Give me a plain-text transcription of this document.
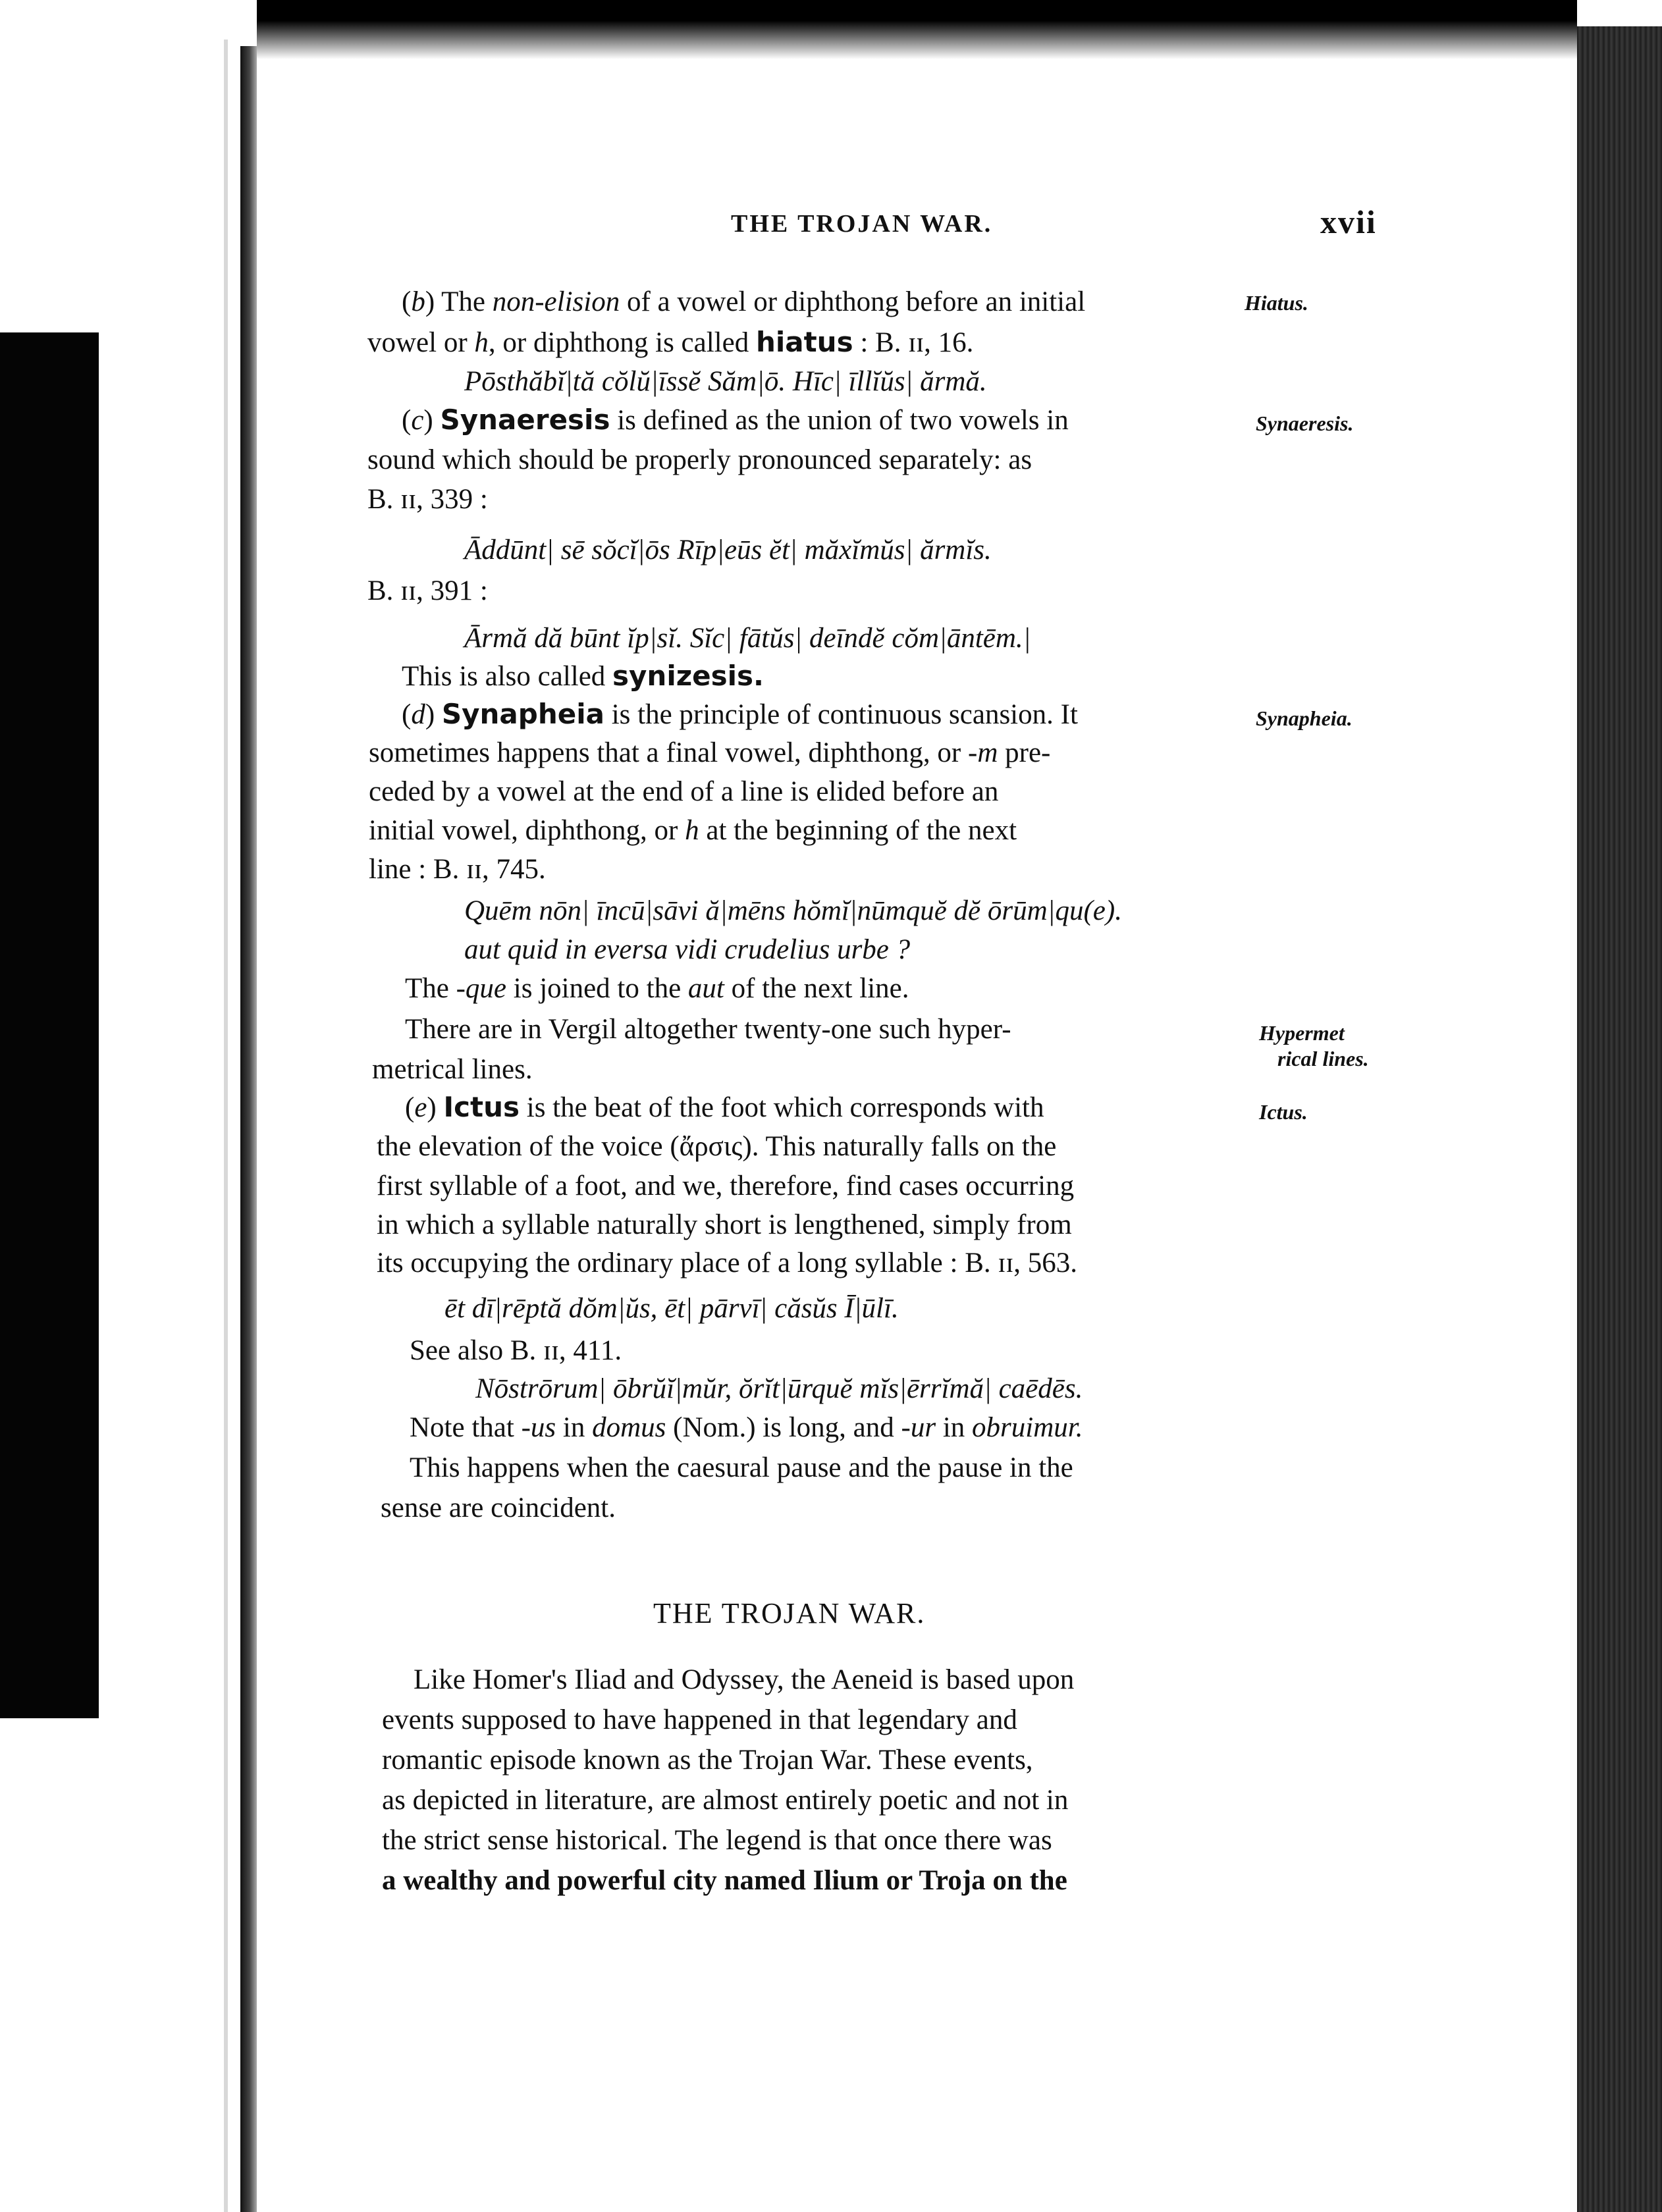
THE TROJAN WAR.	xvii
(b) The non-elision of a vowel or diphthong before an initial
vowel or h, or diphthong is called hiatus : B. ɪɪ, 16.
Pōsthăbĭ|tă cŏlŭ|īssĕ Săm|ō. Hīc| īllĭŭs| ărmă.
(c) Synaeresis is defined as the union of two vowels in
sound which should be properly pronounced separately: as
B. ɪɪ, 339 :
Āddūnt| sē sŏcĭ|ōs Rīp|eūs ĕt| măxĭmŭs| ărmĭs.
B. ɪɪ, 391 :
Ārmă dă būnt ĭp|sĭ. Sĭc| fātŭs| deīndĕ cŏm|āntēm.|
This is also called synizesis.
(d) Synapheia is the principle of continuous scansion. It
sometimes happens that a final vowel, diphthong, or -m pre-
ceded by a vowel at the end of a line is elided before an
initial vowel, diphthong, or h at the beginning of the next
line : B. ɪɪ, 745.
Quēm nōn| īncū|sāvi ă|mēns hŏmĭ|nūmquĕ dĕ ōrūm|qu(e).
aut quid in eversa vidi crudelius urbe ?
The -que is joined to the aut of the next line.
There are in Vergil altogether twenty-one such hyper-
metrical lines.
(e) Ictus is the beat of the foot which corresponds with
the elevation of the voice (ἄρσις). This naturally falls on the
first syllable of a foot, and we, therefore, find cases occurring
in which a syllable naturally short is lengthened, simply from
its occupying the ordinary place of a long syllable : B. ɪɪ, 563.
ēt dī|rēptă dŏm|ŭs, ēt| pārvī| căsŭs Ī|ūlī.
See also B. ɪɪ, 411.
Nōstrōrum| ōbrŭĭ|mŭr, ŏrĭt|ūrquĕ mĭs|ērrĭmă| caēdēs.
Note that -us in domus (Nom.) is long, and -ur in obruimur.
This happens when the caesural pause and the pause in the
sense are coincident.
Hiatus.
Synaeresis.
Synapheia.
Hypermet
rical lines.
Ictus.
THE TROJAN WAR.
Like Homer's Iliad and Odyssey, the Aeneid is based upon
events supposed to have happened in that legendary and
romantic episode known as the Trojan War. These events,
as depicted in literature, are almost entirely poetic and not in
the strict sense historical. The legend is that once there was
a wealthy and powerful city named Ilium or Troja on the
